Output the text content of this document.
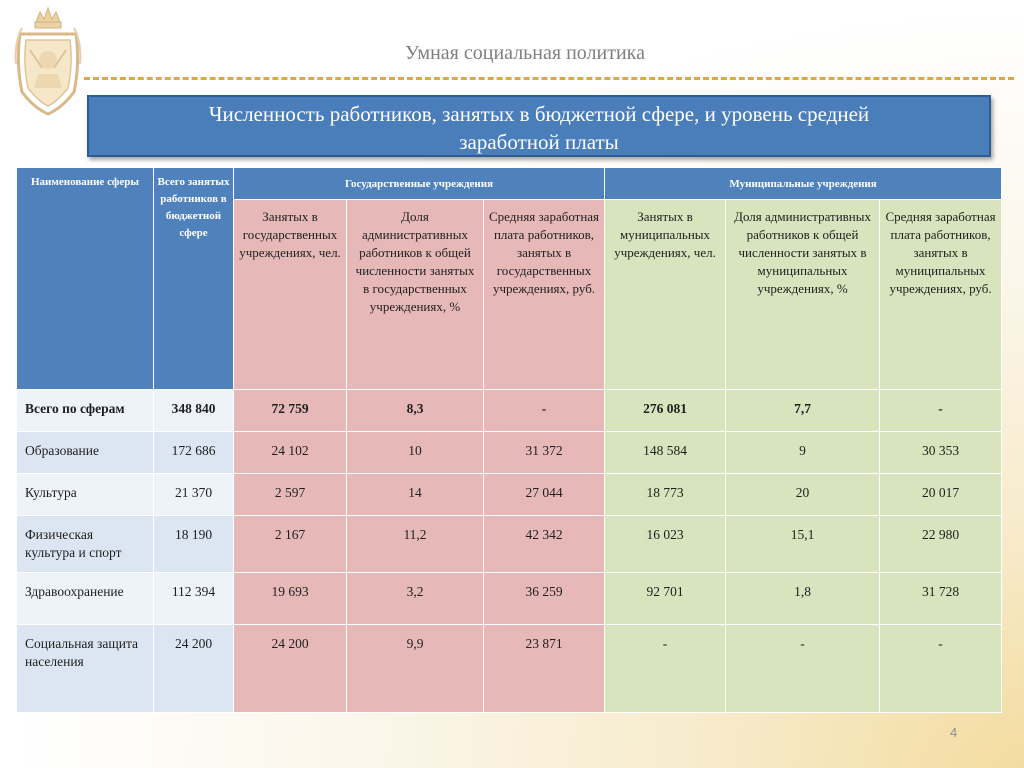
Умная социальная политика
Численность работников, занятых в бюджетной сфере, и уровень средней
заработной платы
Наименование сферы	Всего занятых работников в бюджетной сфере	Государственные учреждения			Муниципальные учреждения		
		Занятых в государственных учреждениях, чел.	Доля административных работников к общей численности занятых в государственных учреждениях, %	Средняя заработная плата работников, занятых в государственных учреждениях, руб.	Занятых в муниципальных учреждениях, чел.	Доля административных работников к общей численности занятых в муниципальных учреждениях, %	Средняя заработная плата работников, занятых в муниципальных учреждениях, руб.
Всего по сферам	348 840	72 759	8,3	-	276 081	7,7	-
Образование	172 686	24 102	10	31 372	148 584	9	30 353
Культура	21 370	2 597	14	27 044	18 773	20	20 017
Физическая культура и спорт	18 190	2 167	11,2	42 342	16 023	15,1	22 980
Здравоохранение	112 394	19 693	3,2	36 259	92 701	1,8	31 728
Социальная защита населения	24 200	24 200	9,9	23 871	-	-	-
4
